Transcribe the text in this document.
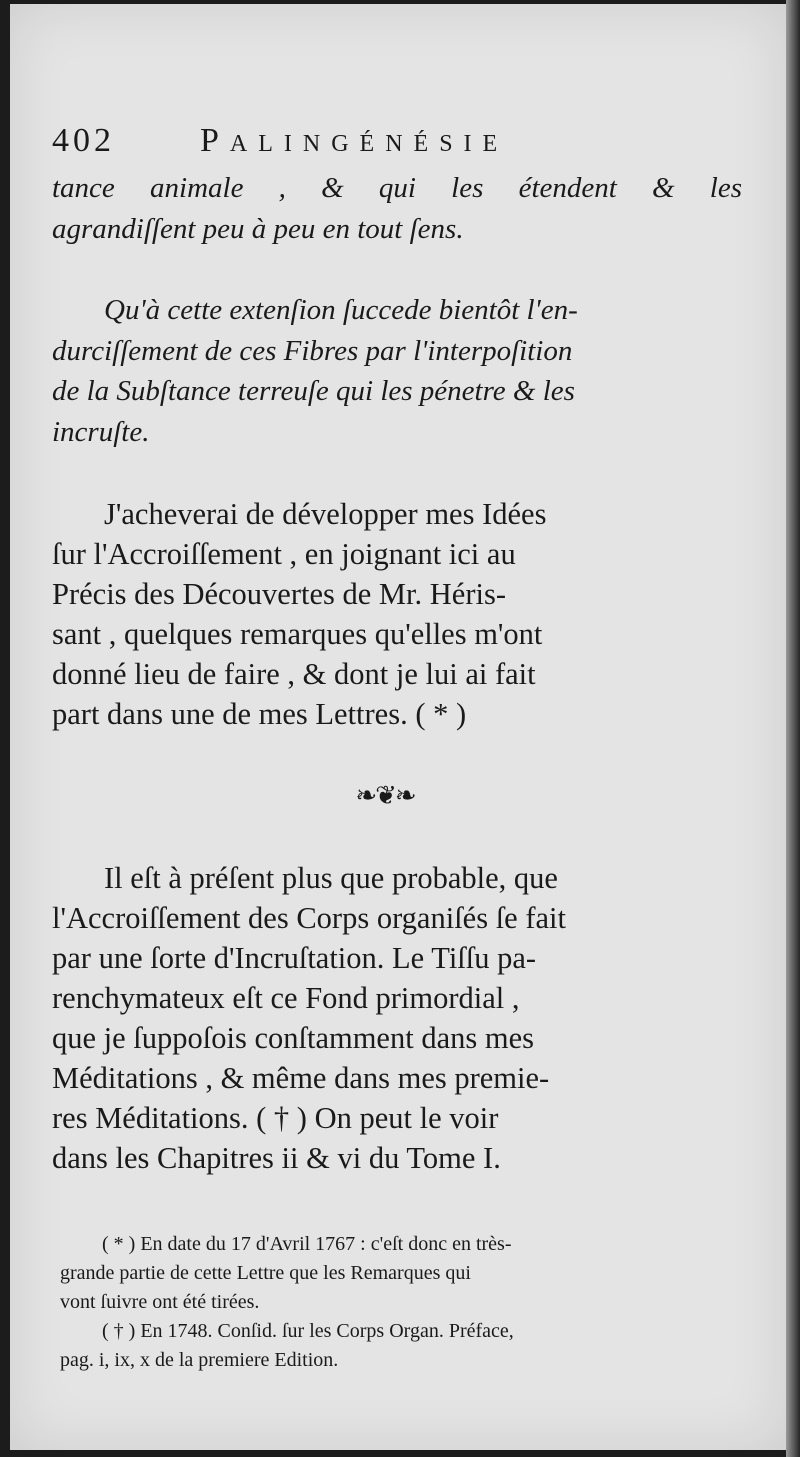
402	Palingénésie
tance animale , & qui les étendent & les
agrandiſſent peu à peu en tout ſens.
Qu'à cette extenſion ſuccede bientôt l'en-
durciſſement de ces Fibres par l'interpoſition
de la Subſtance terreuſe qui les pénetre & les
incruſte.
J'acheverai de développer mes Idées
ſur l'Accroiſſement , en joignant ici au
Précis des Découvertes de Mr. Héris-
sant , quelques remarques qu'elles m'ont
donné lieu de faire , & dont je lui ai fait
part dans une de mes Lettres. ( * )
❧❦❧
Il eſt à préſent plus que probable, que
l'Accroiſſement des Corps organiſés ſe fait
par une ſorte d'Incruſtation. Le Tiſſu pa-
renchymateux eſt ce Fond primordial ,
que je ſuppoſois conſtamment dans mes
Méditations , & même dans mes premie-
res Méditations. ( † ) On peut le voir
dans les Chapitres ii & vi du Tome I.
( * ) En date du 17 d'Avril 1767 : c'eſt donc en très-
grande partie de cette Lettre que les Remarques qui
vont ſuivre ont été tirées.
( † ) En 1748. Conſid. ſur les Corps Organ. Préface,
pag. i, ix, x de la premiere Edition.
